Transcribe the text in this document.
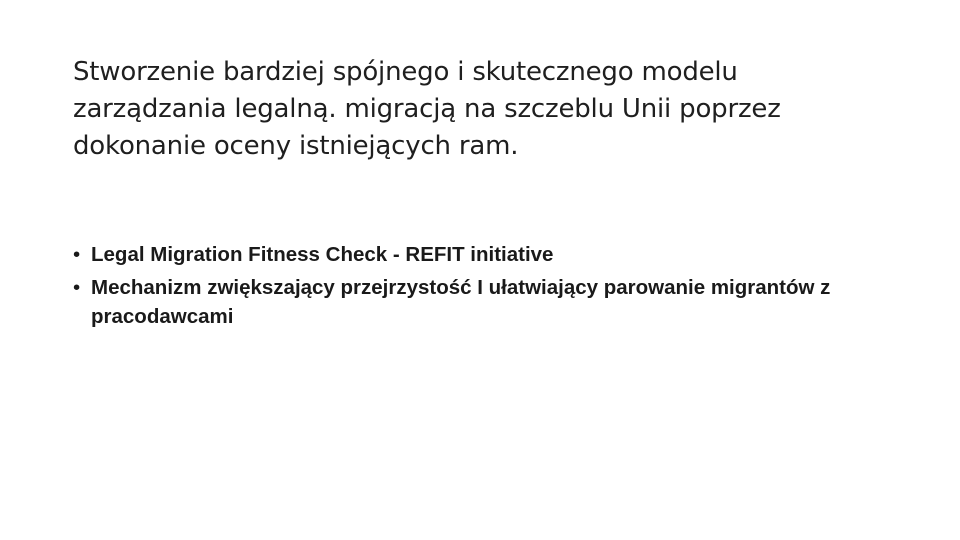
Stworzenie bardziej spójnego i skutecznego modelu zarządzania legalną. migracją na szczeblu Unii poprzez dokonanie oceny istniejących ram.
• Legal Migration Fitness Check - REFIT initiative
• Mechanizm zwiększający przejrzystość I ułatwiający parowanie migrantów z pracodawcami
